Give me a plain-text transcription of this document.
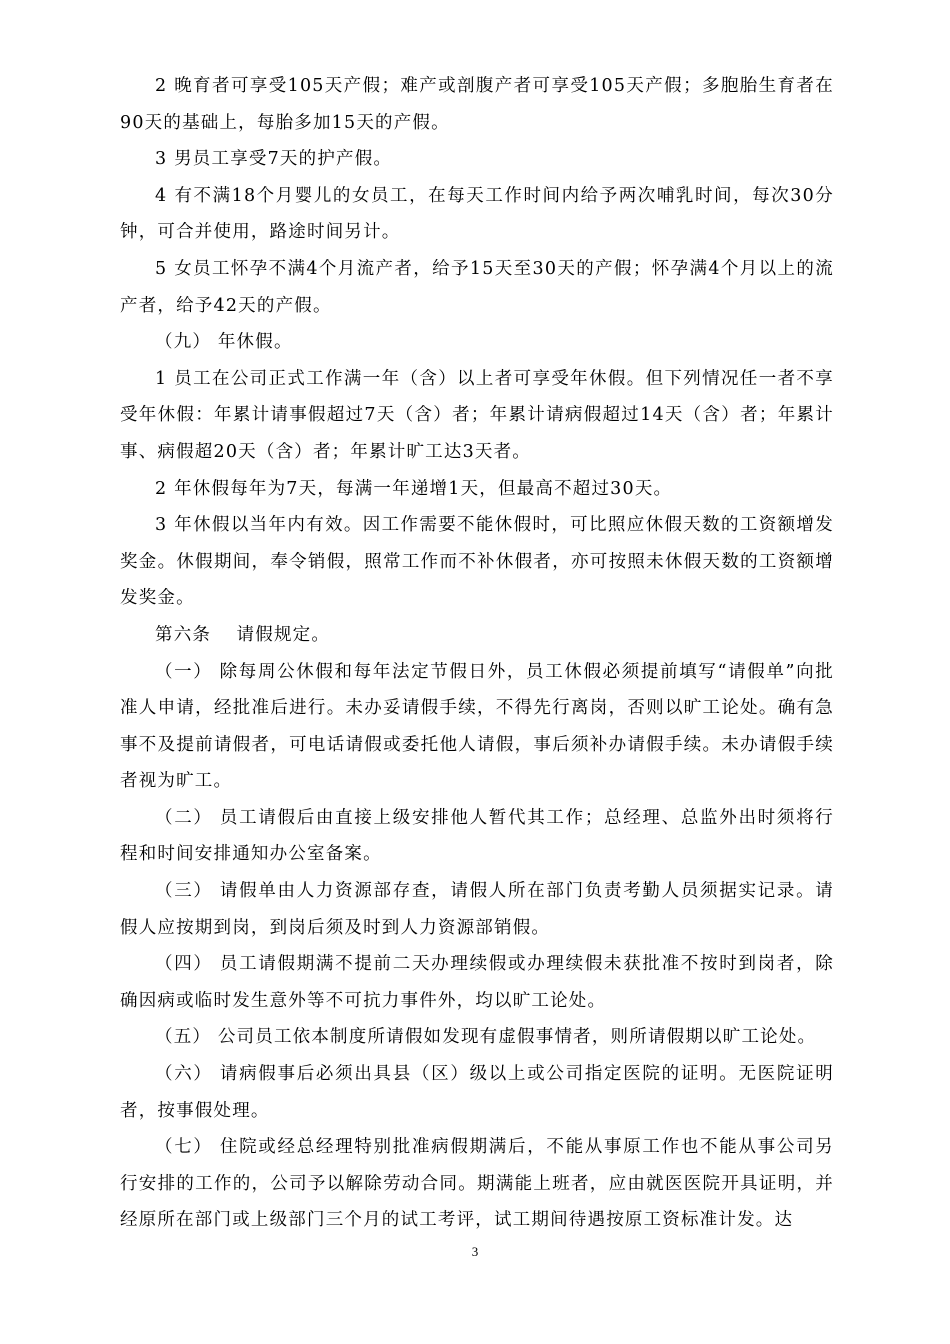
2 晚育者可享受105天产假；难产或剖腹产者可享受105天产假；多胞胎生育者在90天的基础上，每胎多加15天的产假。

3 男员工享受7天的护产假。

4 有不满18个月婴儿的女员工，在每天工作时间内给予两次哺乳时间，每次30分钟，可合并使用，路途时间另计。

5 女员工怀孕不满4个月流产者，给予15天至30天的产假；怀孕满4个月以上的流产者，给予42天的产假。

（九） 年休假。

1 员工在公司正式工作满一年（含）以上者可享受年休假。但下列情况任一者不享受年休假：年累计请事假超过7天（含）者；年累计请病假超过14天（含）者；年累计事、病假超20天（含）者；年累计旷工达3天者。

2 年休假每年为7天，每满一年递增1天，但最高不超过30天。

3 年休假以当年内有效。因工作需要不能休假时，可比照应休假天数的工资额增发奖金。休假期间，奉令销假，照常工作而不补休假者，亦可按照未休假天数的工资额增发奖金。

第六条　 请假规定。

（一） 除每周公休假和每年法定节假日外，员工休假必须提前填写“请假单”向批准人申请，经批准后进行。未办妥请假手续，不得先行离岗，否则以旷工论处。确有急事不及提前请假者，可电话请假或委托他人请假，事后须补办请假手续。未办请假手续者视为旷工。

（二） 员工请假后由直接上级安排他人暂代其工作；总经理、总监外出时须将行程和时间安排通知办公室备案。

（三） 请假单由人力资源部存查，请假人所在部门负责考勤人员须据实记录。请假人应按期到岗，到岗后须及时到人力资源部销假。

（四） 员工请假期满不提前二天办理续假或办理续假未获批准不按时到岗者，除确因病或临时发生意外等不可抗力事件外，均以旷工论处。

（五） 公司员工依本制度所请假如发现有虚假事情者，则所请假期以旷工论处。

（六） 请病假事后必须出具县（区）级以上或公司指定医院的证明。无医院证明者，按事假处理。

（七） 住院或经总经理特别批准病假期满后，不能从事原工作也不能从事公司另行安排的工作的，公司予以解除劳动合同。期满能上班者，应由就医医院开具证明，并经原所在部门或上级部门三个月的试工考评，试工期间待遇按原工资标准计发。达

3
